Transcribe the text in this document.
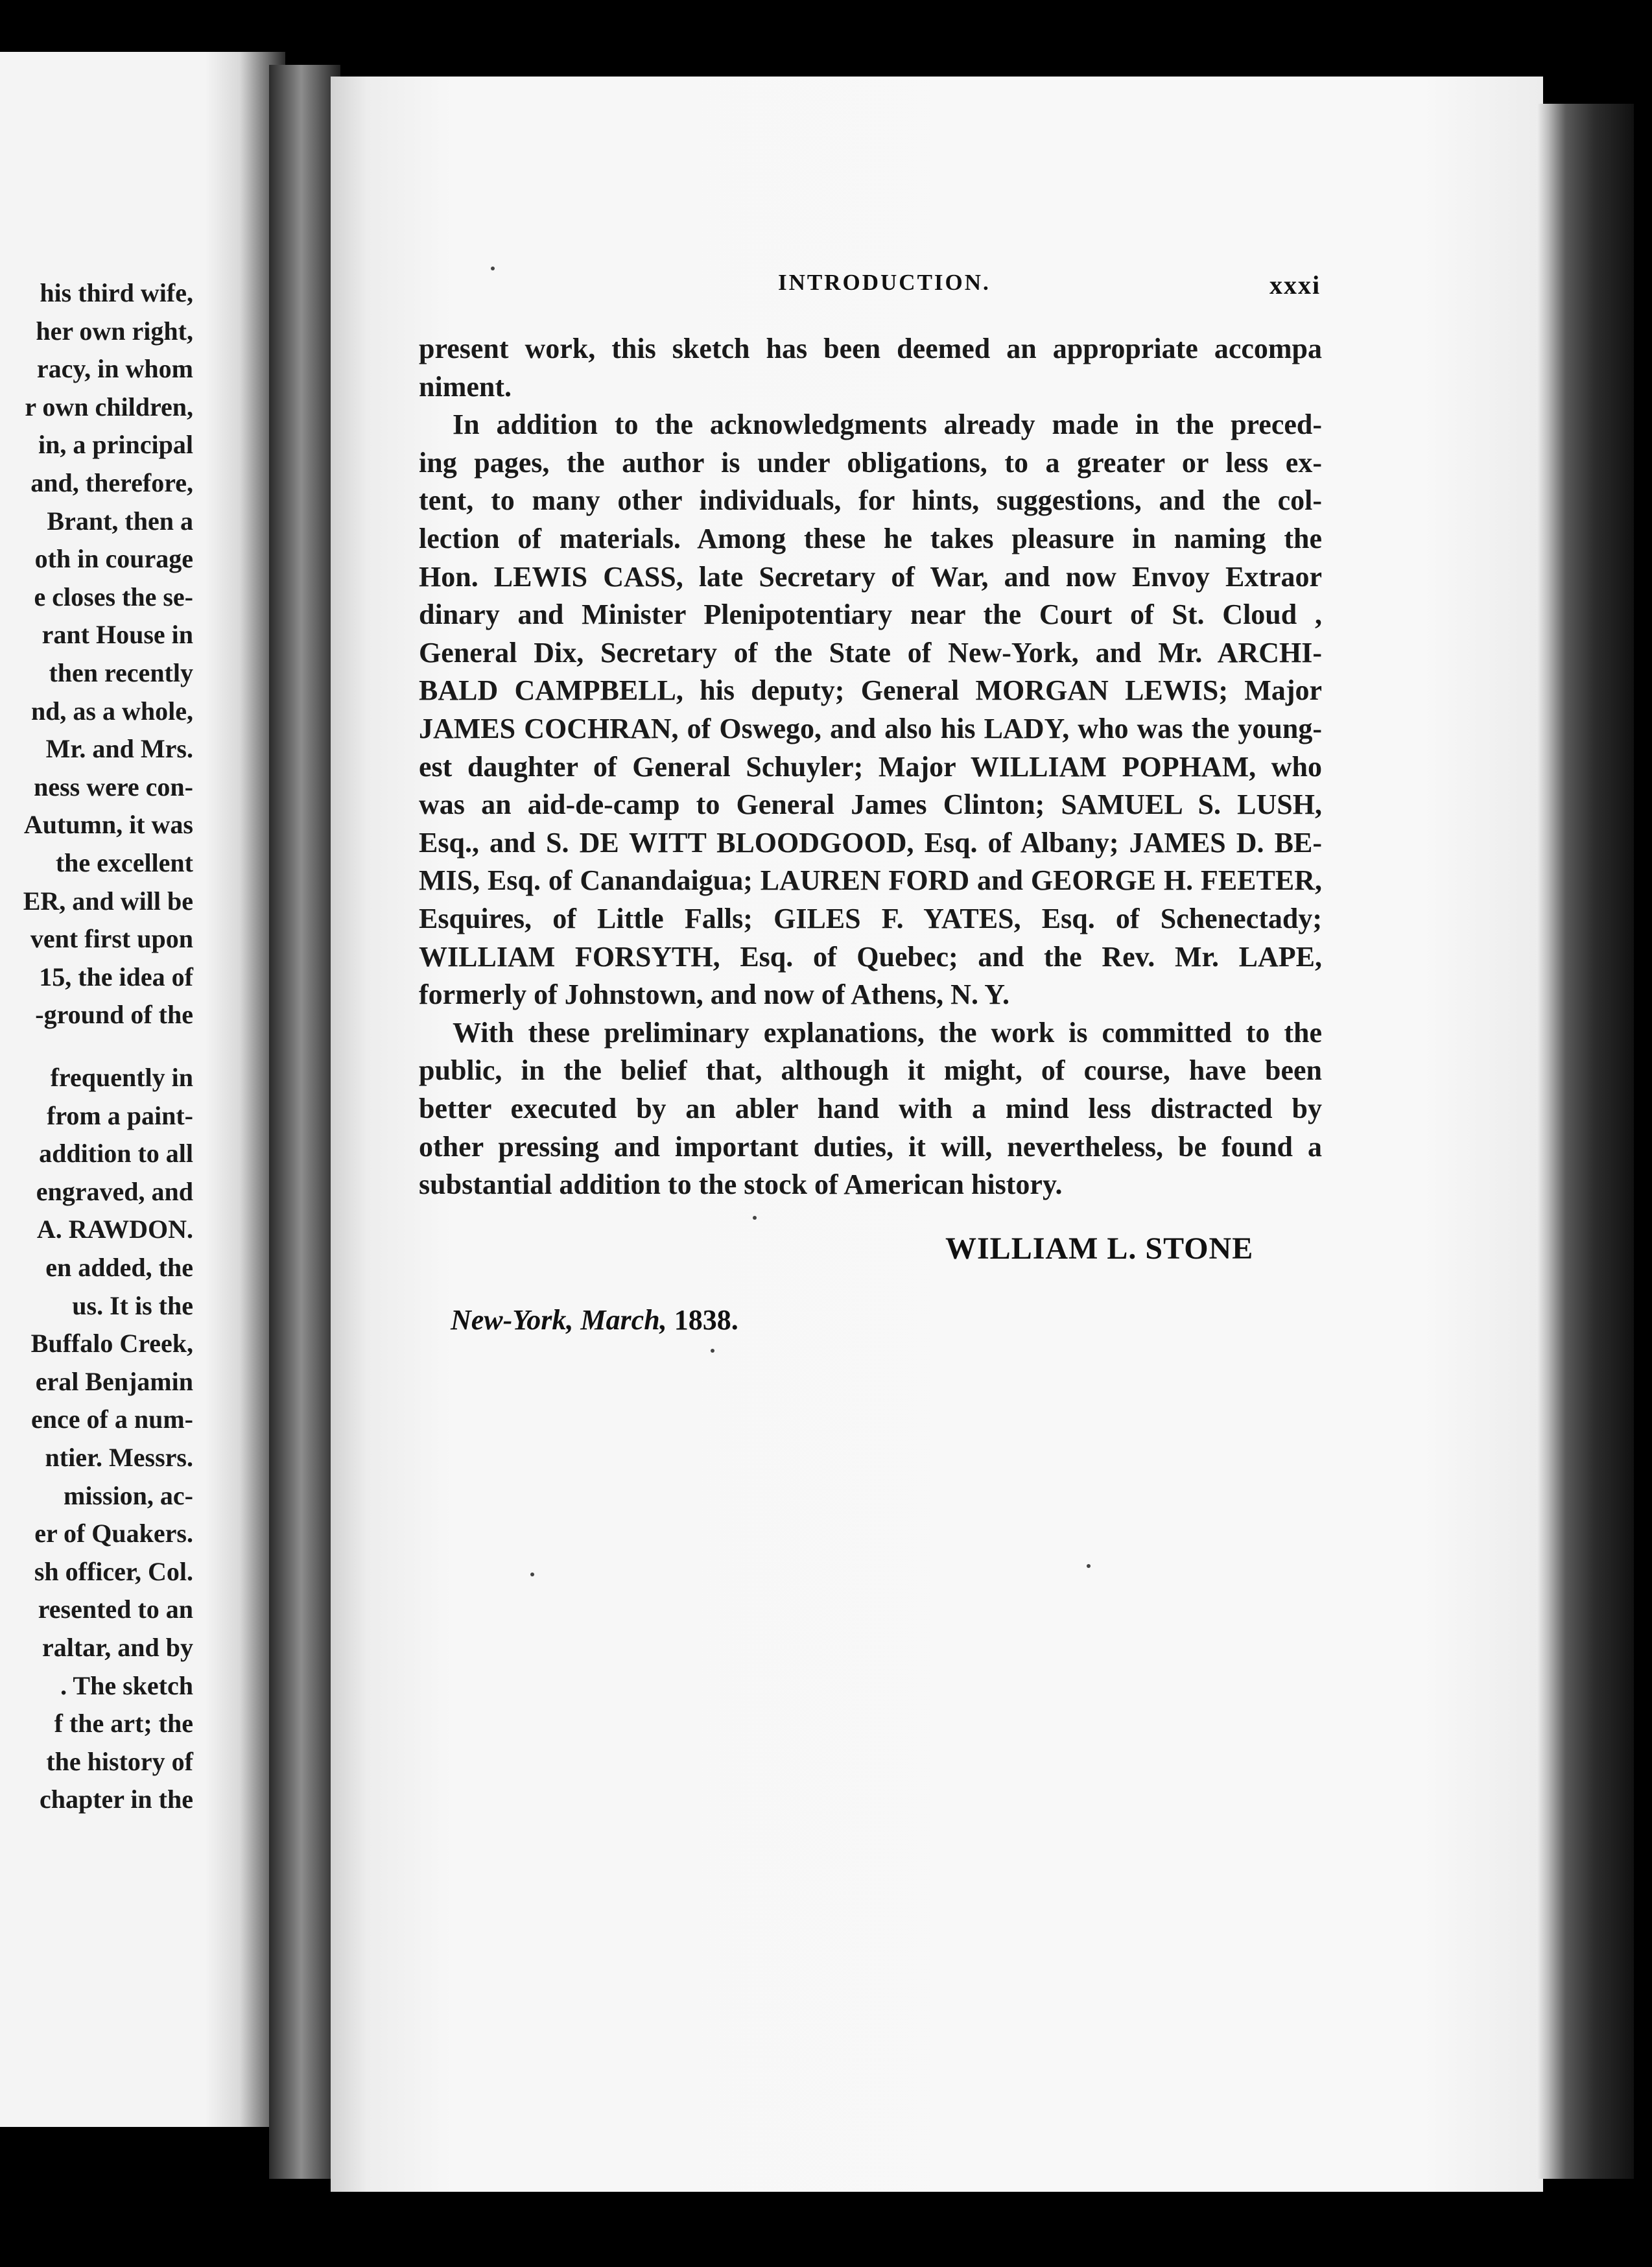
his third wife,
her own right,
racy, in whom
r own children,
in, a principal
and, therefore,
Brant, then a
oth in courage
e closes the se-
rant House in
then recently
nd, as a whole,
Mr. and Mrs.
ness were con-
Autumn, it was
the excellent
ER, and will be
vent first upon
15, the idea of
-ground of the
frequently in
from a paint-
addition to all
engraved, and
A. RAWDON.
en added, the
us. It is the
Buffalo Creek,
eral Benjamin
ence of a num-
ntier. Messrs.
mission, ac-
er of Quakers.
sh officer, Col.
resented to an
raltar, and by
. The sketch
f the art; the
the history of
chapter in the
INTRODUCTION.	xxxi
present work, this sketch has been deemed an appropriate accompa
niment.
In addition to the acknowledgments already made in the preced-
ing pages, the author is under obligations, to a greater or less ex-
tent, to many other individuals, for hints, suggestions, and the col-
lection of materials. Among these he takes pleasure in naming the
Hon. LEWIS CASS, late Secretary of War, and now Envoy Extraor
dinary and Minister Plenipotentiary near the Court of St. Cloud ,
General Dix, Secretary of the State of New-York, and Mr. ARCHI-
BALD CAMPBELL, his deputy; General MORGAN LEWIS; Major
JAMES COCHRAN, of Oswego, and also his LADY, who was the young-
est daughter of General Schuyler; Major WILLIAM POPHAM, who
was an aid-de-camp to General James Clinton; SAMUEL S. LUSH,
Esq., and S. DE WITT BLOODGOOD, Esq. of Albany; JAMES D. BE-
MIS, Esq. of Canandaigua; LAUREN FORD and GEORGE H. FEETER,
Esquires, of Little Falls; GILES F. YATES, Esq. of Schenectady;
WILLIAM FORSYTH, Esq. of Quebec; and the Rev. Mr. LAPE,
formerly of Johnstown, and now of Athens, N. Y.
With these preliminary explanations, the work is committed to the
public, in the belief that, although it might, of course, have been
better executed by an abler hand with a mind less distracted by
other pressing and important duties, it will, nevertheless, be found a
substantial addition to the stock of American history.
WILLIAM L. STONE
New-York, March, 1838.
